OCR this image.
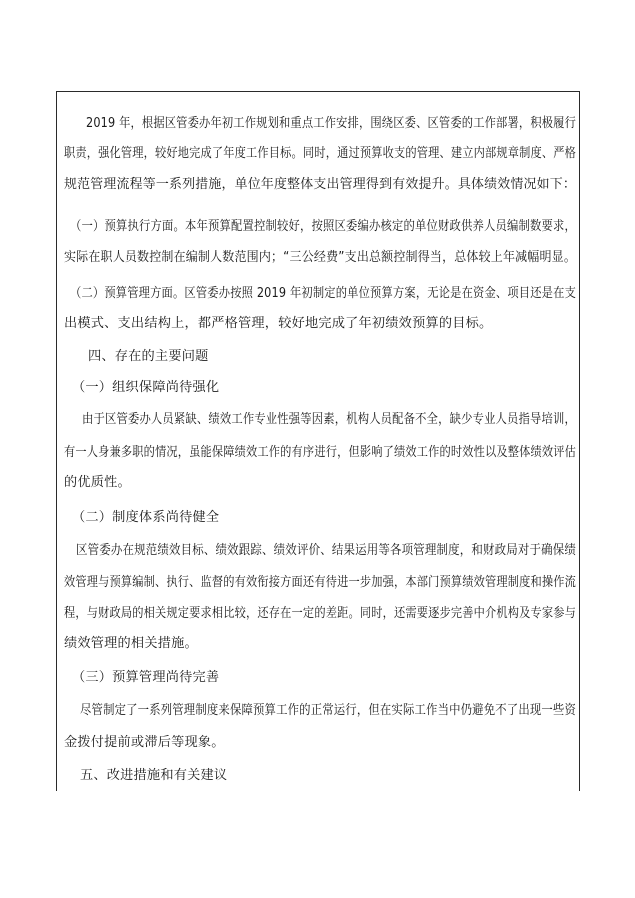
2019 年，根据区管委办年初工作规划和重点工作安排，围绕区委、区管委的工作部署，积极履行
职责，强化管理，较好地完成了年度工作目标。同时，通过预算收支的管理、建立内部规章制度、严格
规范管理流程等一系列措施，单位年度整体支出管理得到有效提升。具体绩效情况如下：
（一）预算执行方面。本年预算配置控制较好，按照区委编办核定的单位财政供养人员编制数要求，
实际在职人员数控制在编制人数范围内；“三公经费”支出总额控制得当，总体较上年减幅明显。
（二）预算管理方面。区管委办按照 2019 年初制定的单位预算方案，无论是在资金、项目还是在支
出模式、支出结构上，都严格管理，较好地完成了年初绩效预算的目标。
四、存在的主要问题
（一）组织保障尚待强化
由于区管委办人员紧缺、绩效工作专业性强等因素，机构人员配备不全，缺少专业人员指导培训，
有一人身兼多职的情况，虽能保障绩效工作的有序进行，但影响了绩效工作的时效性以及整体绩效评估
的优质性。
（二）制度体系尚待健全
区管委办在规范绩效目标、绩效跟踪、绩效评价、结果运用等各项管理制度，和财政局对于确保绩
效管理与预算编制、执行、监督的有效衔接方面还有待进一步加强，本部门预算绩效管理制度和操作流
程，与财政局的相关规定要求相比较，还存在一定的差距。同时，还需要逐步完善中介机构及专家参与
绩效管理的相关措施。
（三）预算管理尚待完善
尽管制定了一系列管理制度来保障预算工作的正常运行，但在实际工作当中仍避免不了出现一些资
金拨付提前或滞后等现象。
五、改进措施和有关建议
